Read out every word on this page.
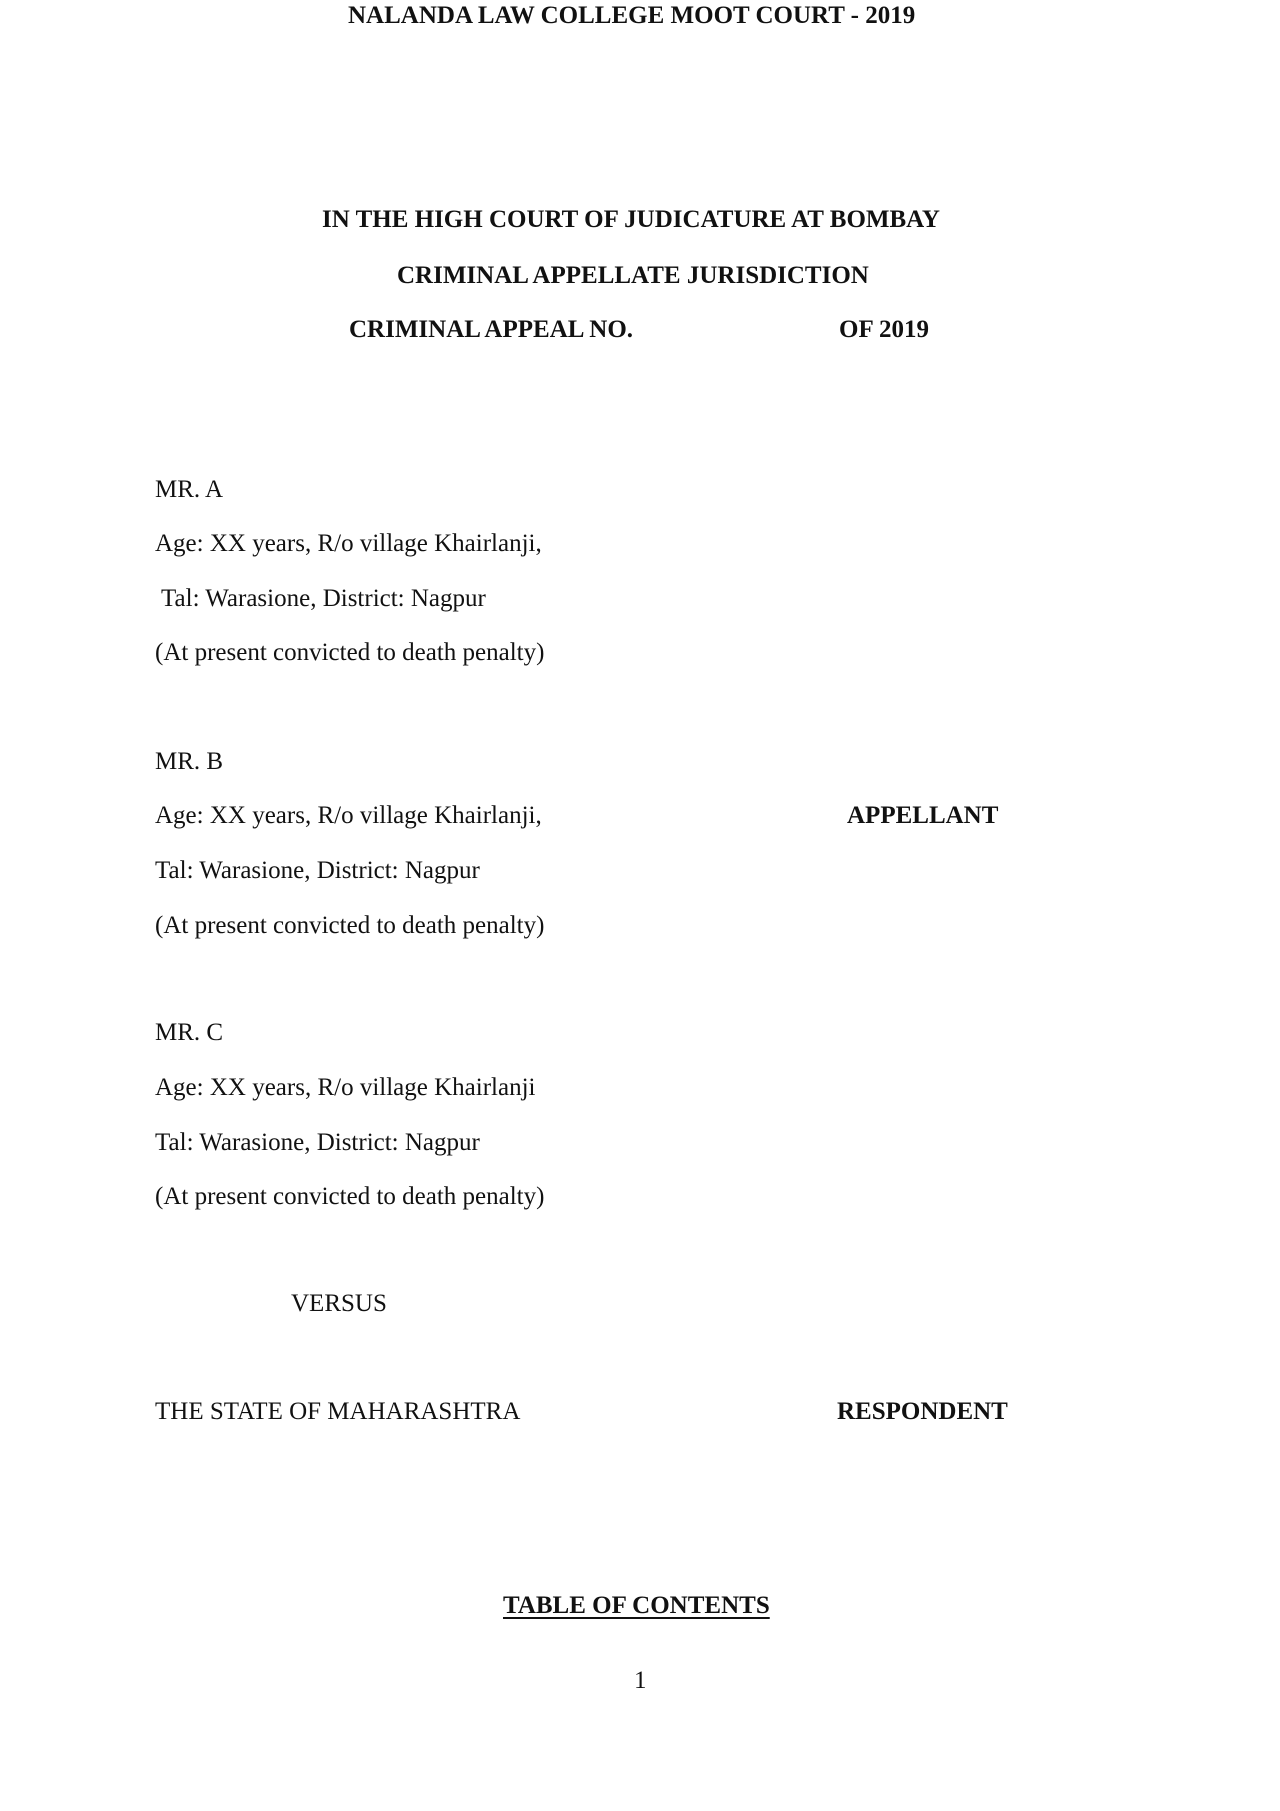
NALANDA LAW COLLEGE MOOT COURT - 2019
IN THE HIGH COURT OF JUDICATURE AT BOMBAY
CRIMINAL APPELLATE JURISDICTION
CRIMINAL APPEAL NO.	OF 2019
MR. A
Age: XX years, R/o village Khairlanji,
Tal: Warasione, District: Nagpur
(At present convicted to death penalty)
MR. B
Age: XX years, R/o village Khairlanji,	APPELLANT
Tal: Warasione, District: Nagpur
(At present convicted to death penalty)
MR. C
Age: XX years, R/o village Khairlanji
Tal: Warasione, District: Nagpur
(At present convicted to death penalty)
VERSUS
THE STATE OF MAHARASHTRA	RESPONDENT
TABLE OF CONTENTS
1
